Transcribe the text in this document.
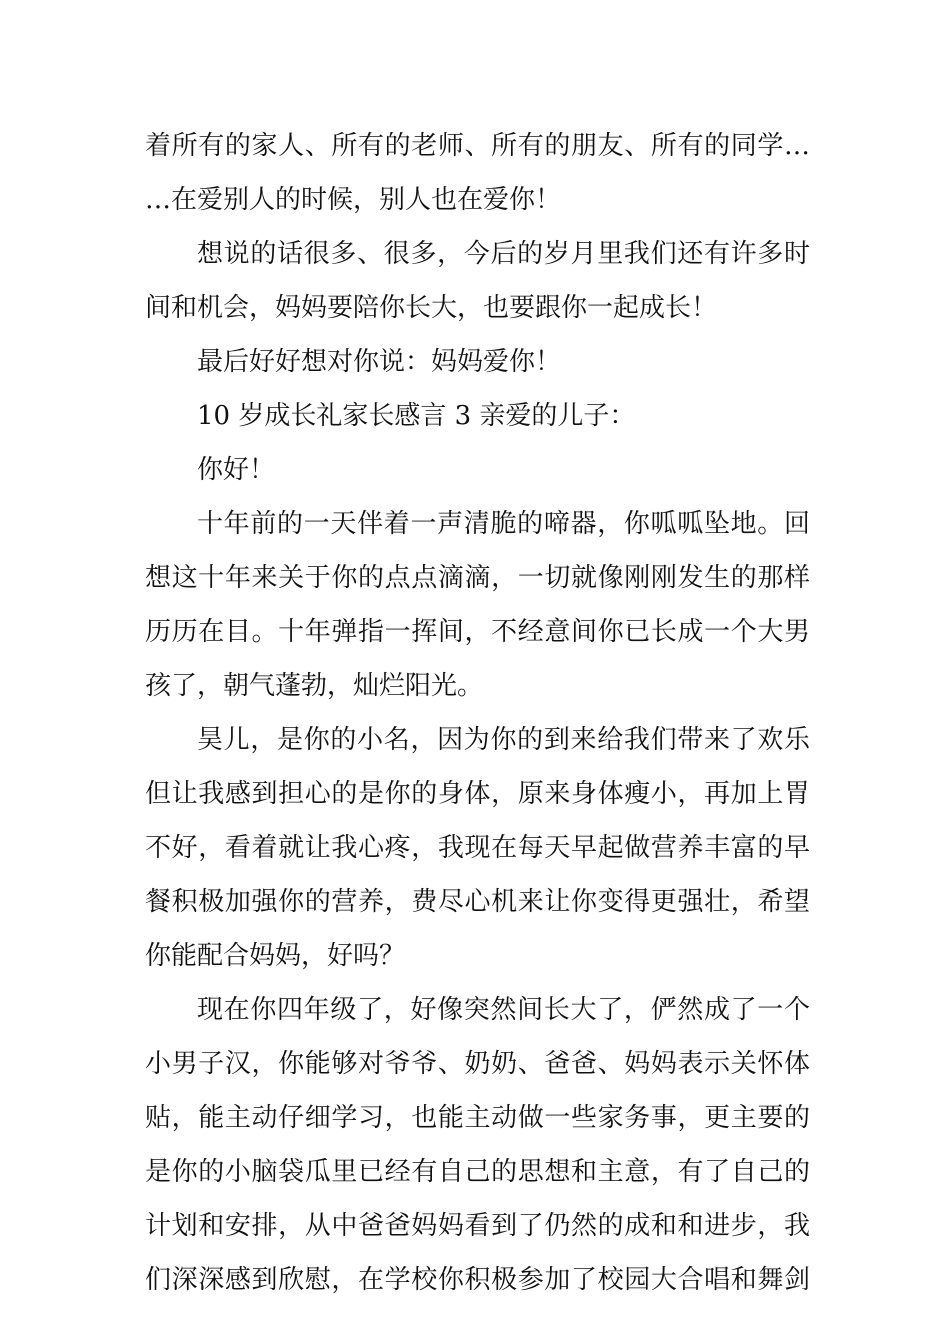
着所有的家人、所有的老师、所有的朋友、所有的同学…
…在爱别人的时候，别人也在爱你！
想说的话很多、很多，今后的岁月里我们还有许多时
间和机会，妈妈要陪你长大，也要跟你一起成长！
最后好好想对你说：妈妈爱你！
10 岁成长礼家长感言 3 亲爱的儿子：
你好！
十年前的一天伴着一声清脆的啼器，你呱呱坠地。回
想这十年来关于你的点点滴滴，一切就像刚刚发生的那样
历历在目。十年弹指一挥间，不经意间你已长成一个大男
孩了，朝气蓬勃，灿烂阳光。
昊儿，是你的小名，因为你的到来给我们带来了欢乐
但让我感到担心的是你的身体，原来身体瘦小，再加上胃
不好，看着就让我心疼，我现在每天早起做营养丰富的早
餐积极加强你的营养，费尽心机来让你变得更强壮，希望
你能配合妈妈，好吗？
现在你四年级了，好像突然间长大了，俨然成了一个
小男子汉，你能够对爷爷、奶奶、爸爸、妈妈表示关怀体
贴，能主动仔细学习，也能主动做一些家务事，更主要的
是你的小脑袋瓜里已经有自己的思想和主意，有了自己的
计划和安排，从中爸爸妈妈看到了仍然的成和和进步，我
们深深感到欣慰，在学校你积极参加了校园大合唱和舞剑
